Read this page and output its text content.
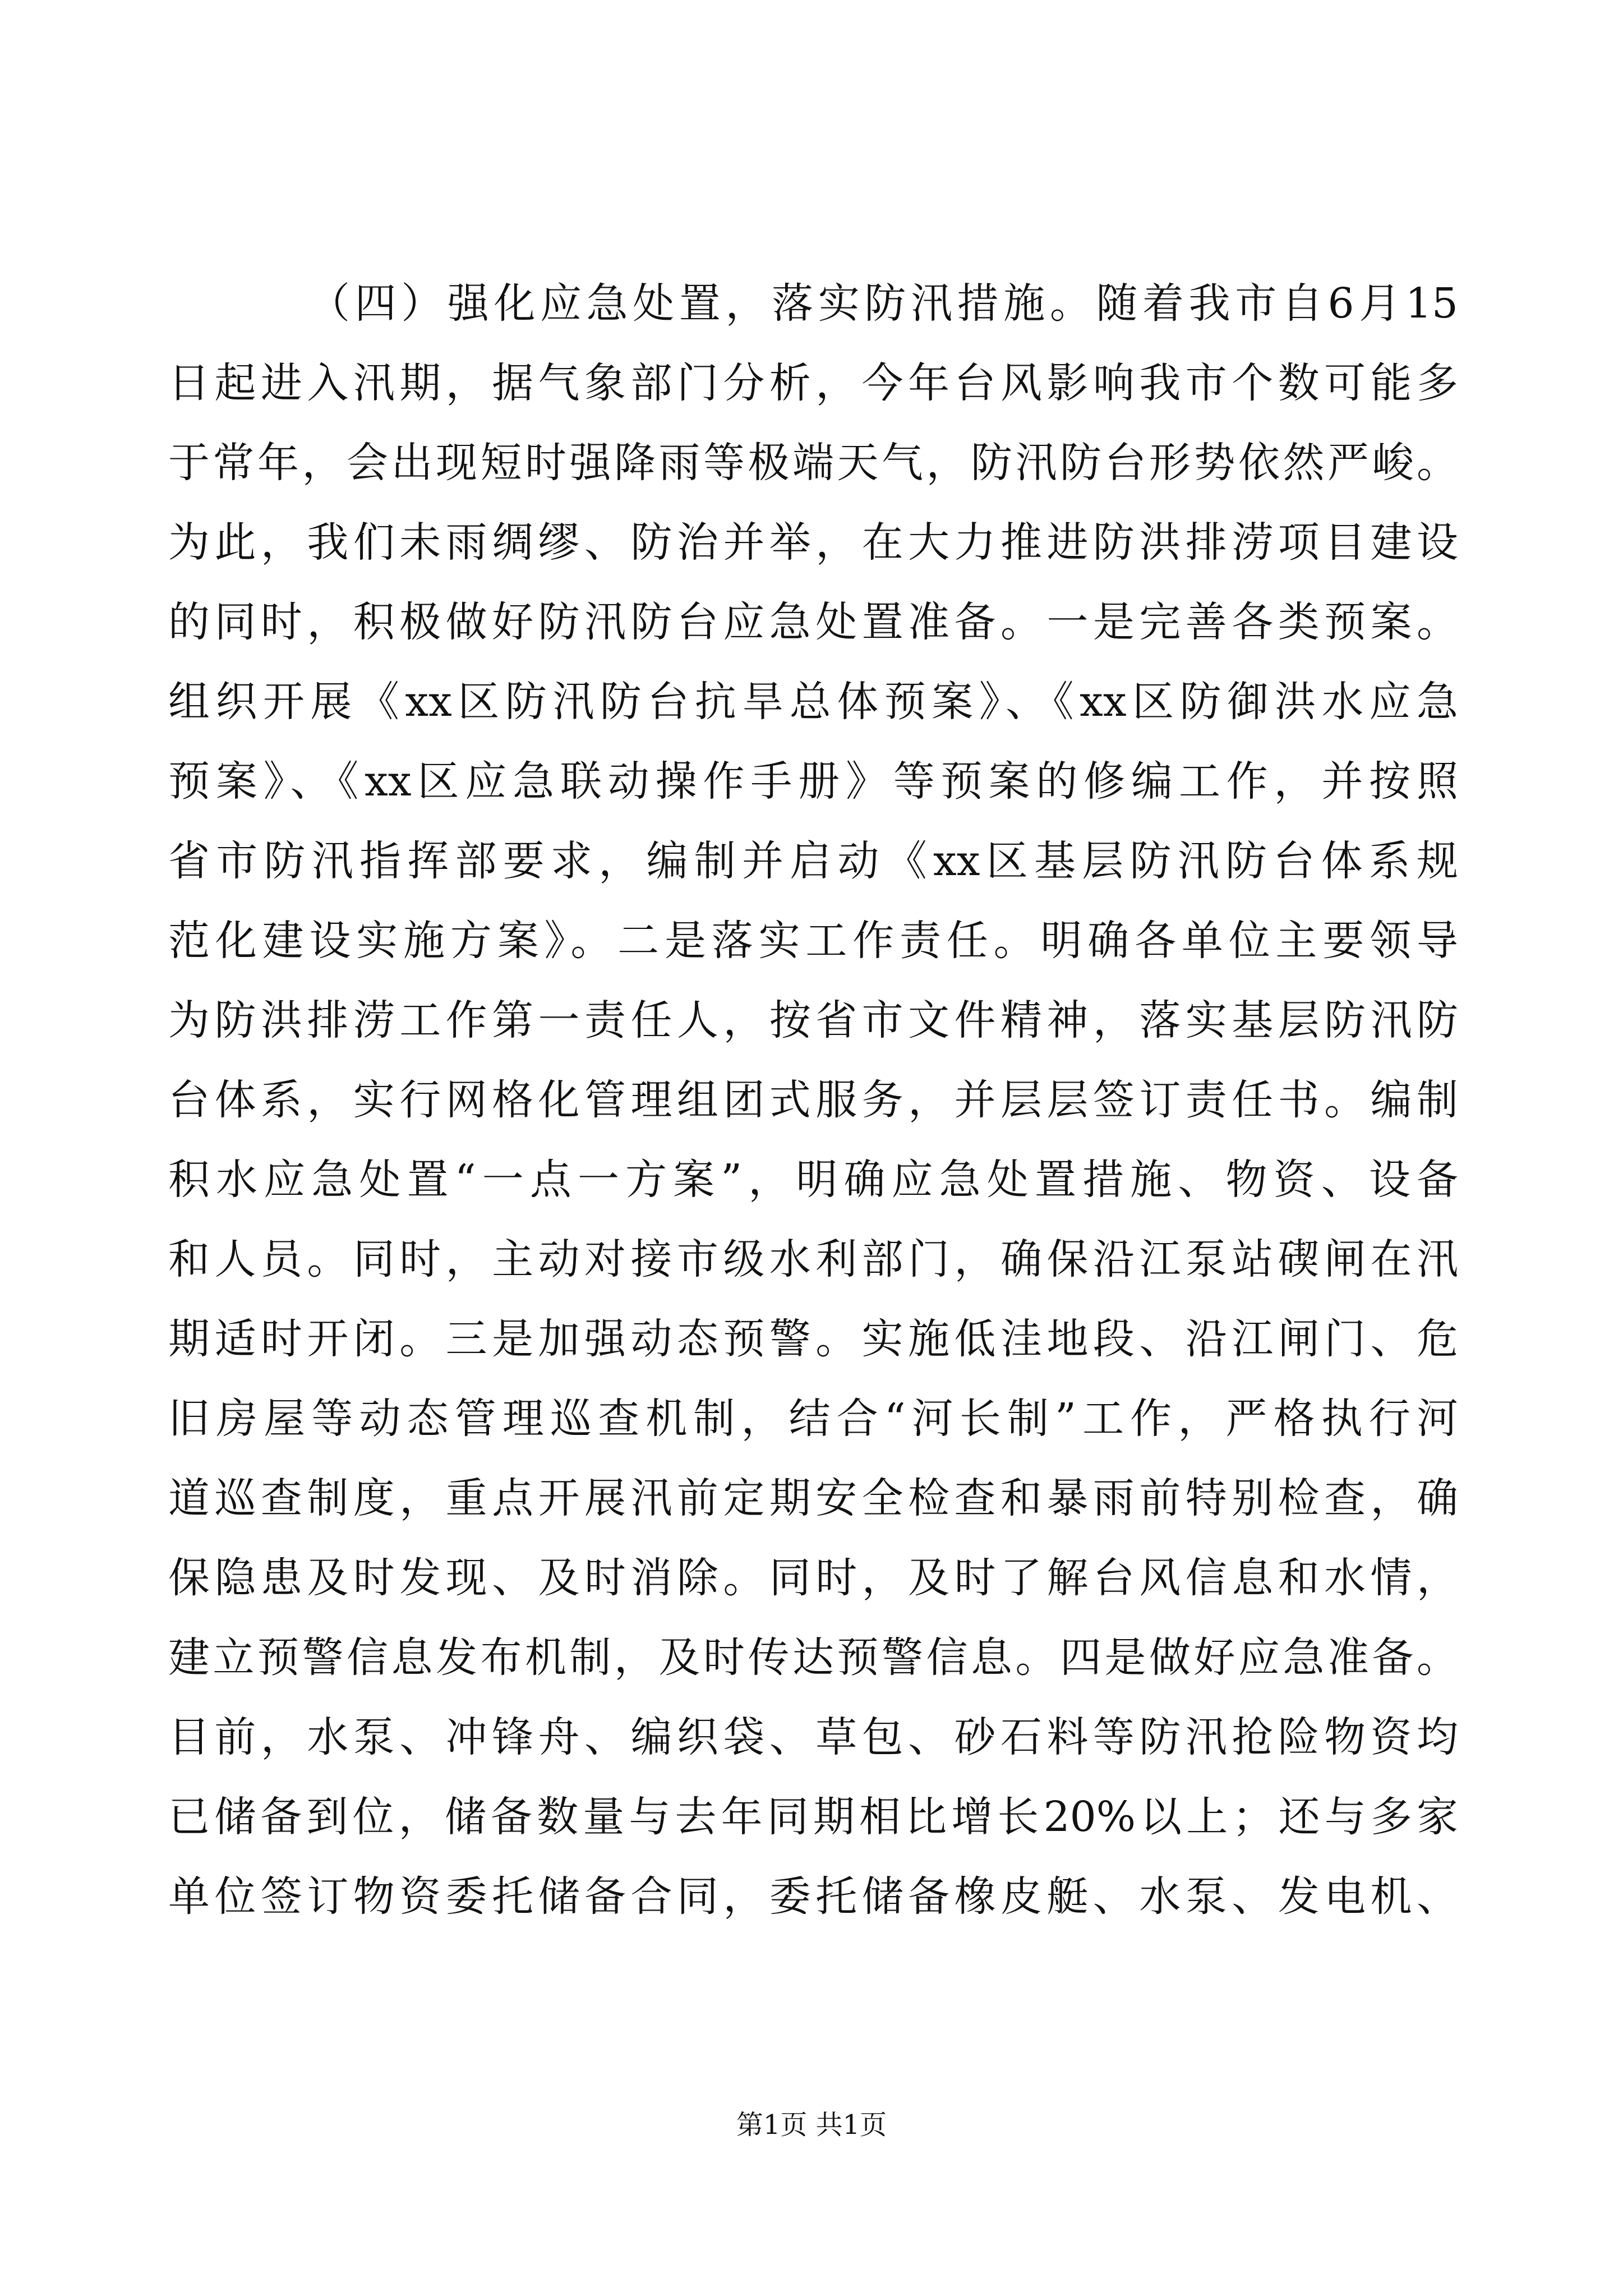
（四）强化应急处置，落实防汛措施。随着我市自6月15
日起进入汛期，据气象部门分析，今年台风影响我市个数可能多
于常年，会出现短时强降雨等极端天气，防汛防台形势依然严峻。
为此，我们未雨绸缪、防治并举，在大力推进防洪排涝项目建设
的同时，积极做好防汛防台应急处置准备。一是完善各类预案。
组织开展《xx区防汛防台抗旱总体预案》、《xx区防御洪水应急
预案》、《xx区应急联动操作手册》等预案的修编工作，并按照
省市防汛指挥部要求，编制并启动《xx区基层防汛防台体系规
范化建设实施方案》。二是落实工作责任。明确各单位主要领导
为防洪排涝工作第一责任人，按省市文件精神，落实基层防汛防
台体系，实行网格化管理组团式服务，并层层签订责任书。编制
积水应急处置“一点一方案”，明确应急处置措施、物资、设备
和人员。同时，主动对接市级水利部门，确保沿江泵站碶闸在汛
期适时开闭。三是加强动态预警。实施低洼地段、沿江闸门、危
旧房屋等动态管理巡查机制，结合“河长制”工作，严格执行河
道巡查制度，重点开展汛前定期安全检查和暴雨前特别检查，确
保隐患及时发现、及时消除。同时，及时了解台风信息和水情，
建立预警信息发布机制，及时传达预警信息。四是做好应急准备。
目前，水泵、冲锋舟、编织袋、草包、砂石料等防汛抢险物资均
已储备到位，储备数量与去年同期相比增长20%以上；还与多家
单位签订物资委托储备合同，委托储备橡皮艇、水泵、发电机、
第1页 共1页
